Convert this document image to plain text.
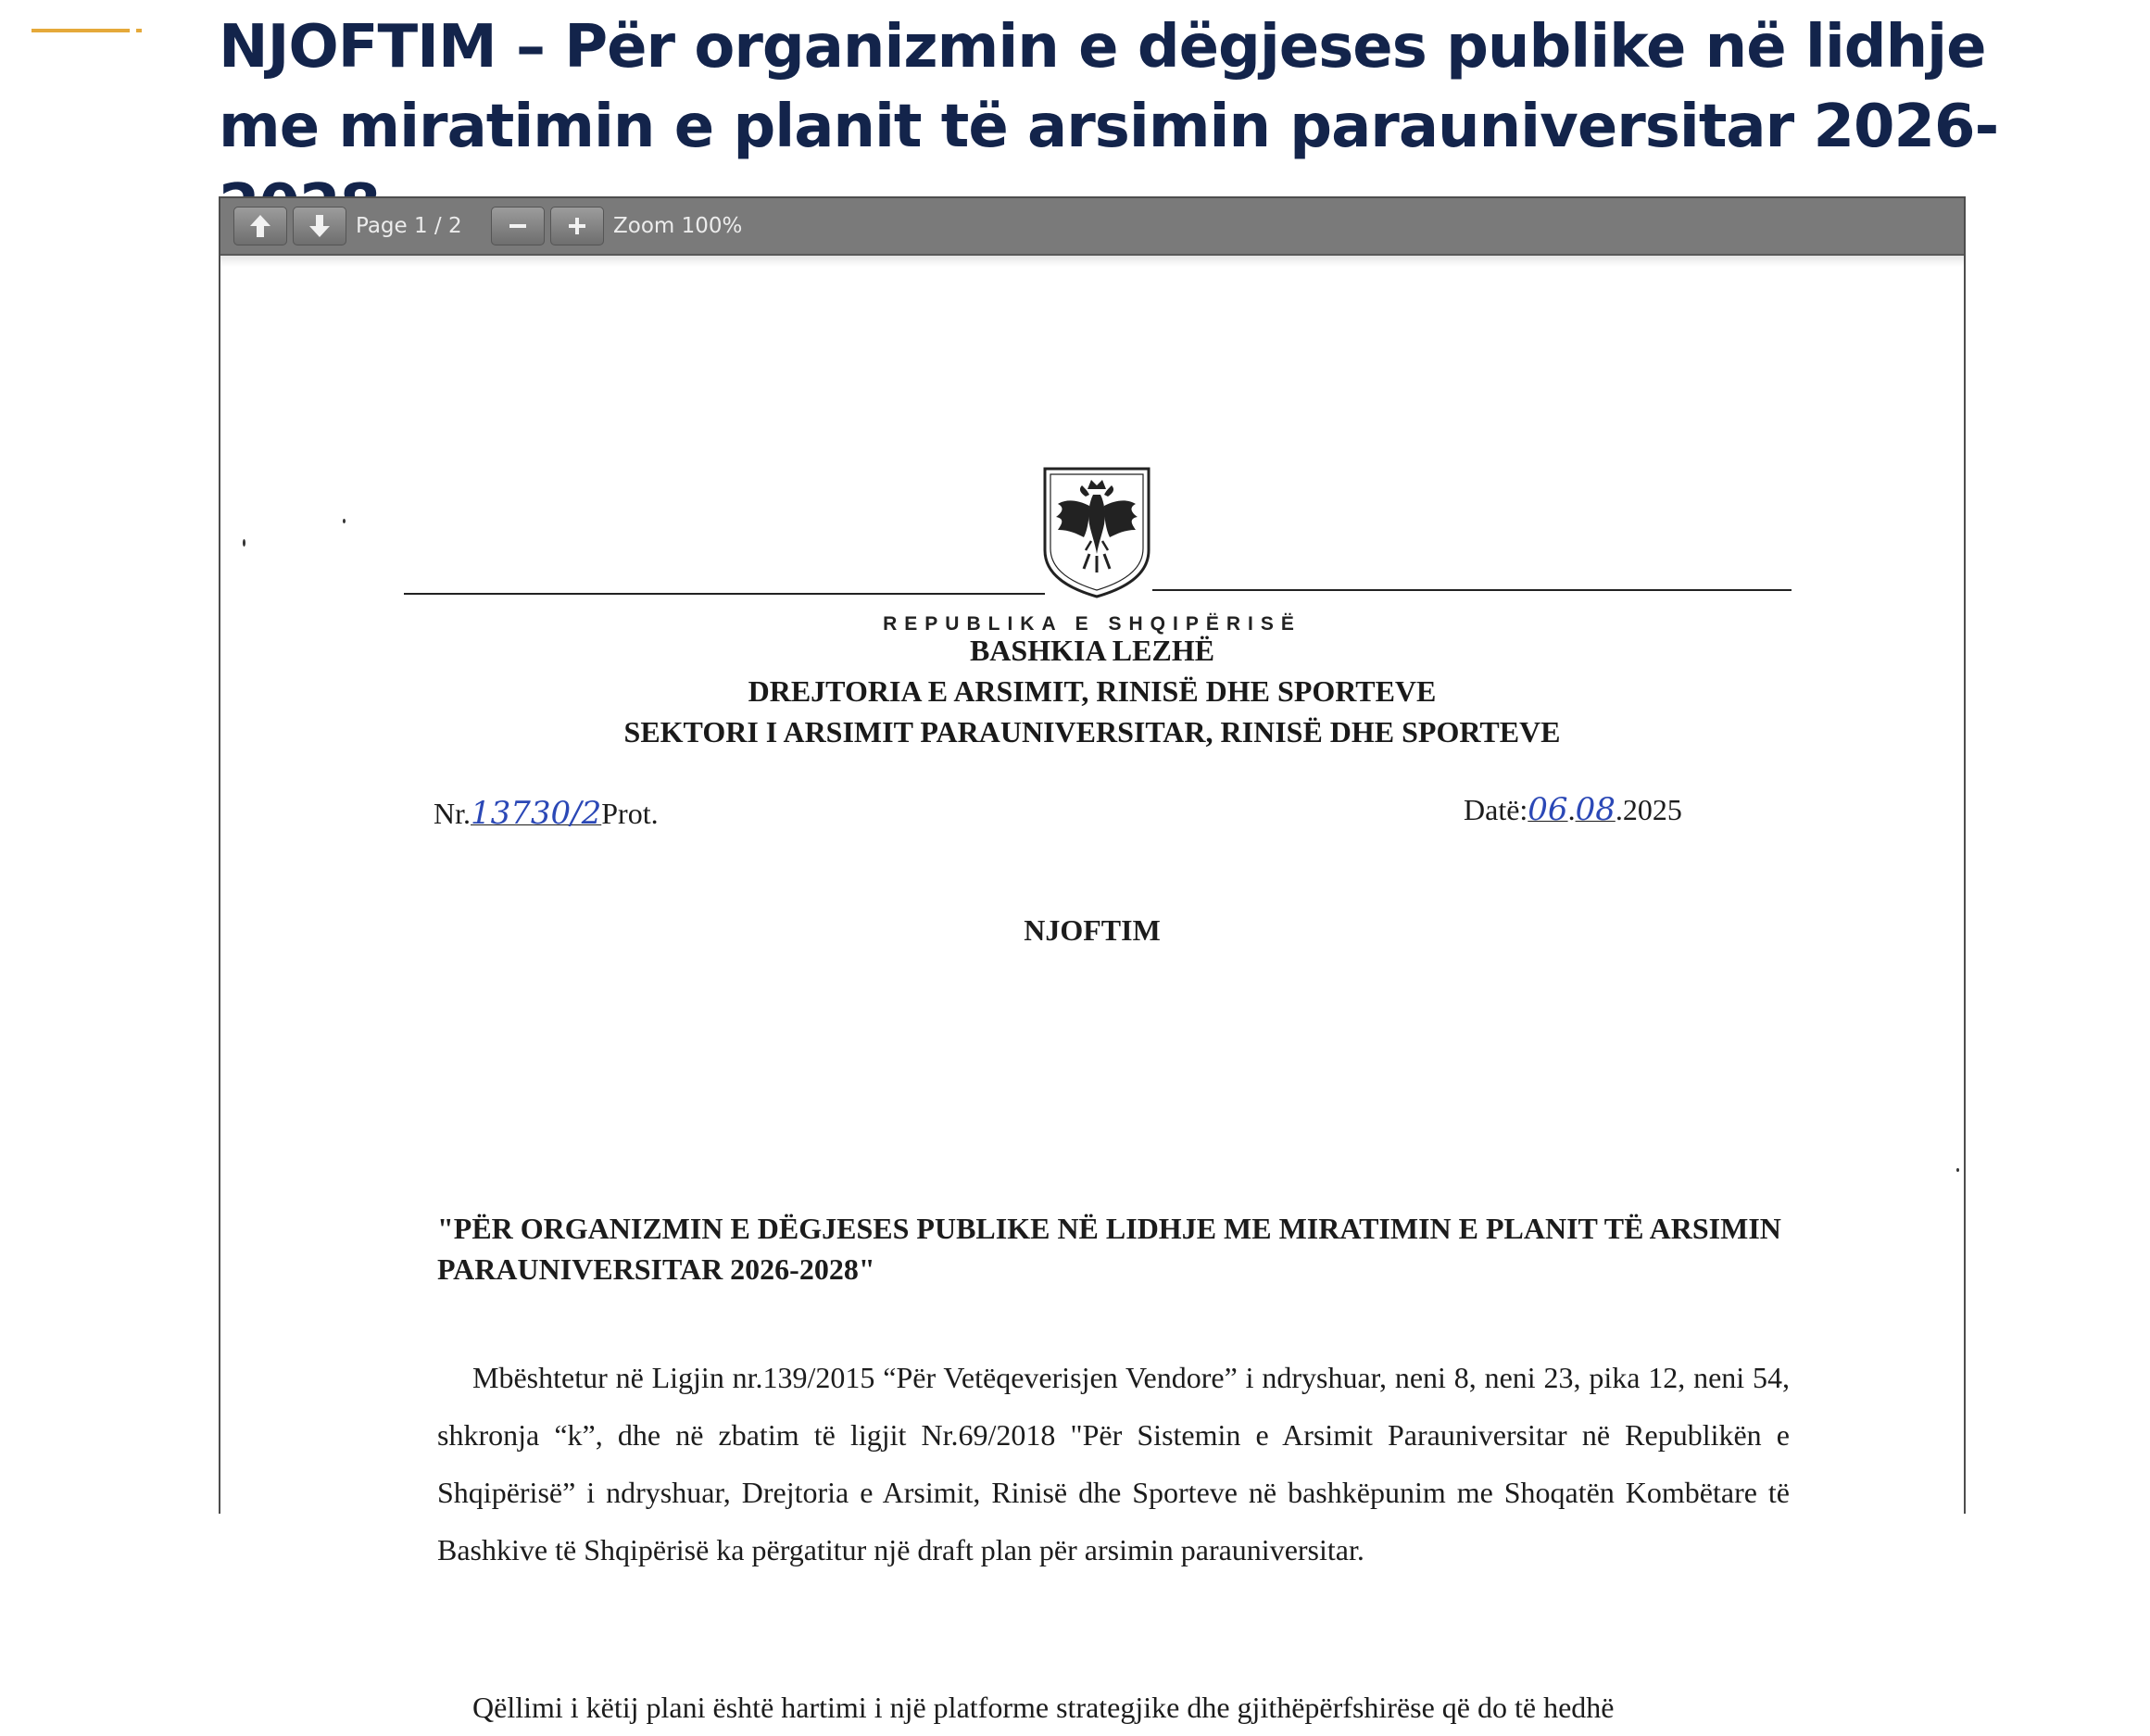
NJOFTIM – Për organizmin e dëgjeses publike në lidhje me miratimin e planit të arsimin parauniversitar 2026-
Page 1 / 2	Zoom 100%

REPUBLIKA E SHQIPËRISË

BASHKIA LEZHË

DREJTORIA E ARSIMIT, RINISË DHE SPORTEVE

SEKTORI I ARSIMIT PARAUNIVERSITAR, RINISË DHE SPORTEVE

Nr.13730/2Prot.	Datë:06.08.2025

NJOFTIM

"PËR ORGANIZMIN E DËGJESES PUBLIKE NË LIDHJE ME MIRATIMIN E PLANIT TË ARSIMIN PARAUNIVERSITAR 2026-2028"

Mbështetur në Ligjin nr.139/2015 “Për Vetëqeverisjen Vendore” i ndryshuar, neni 8, neni 23, pika 12, neni 54, shkronja “k”, dhe në zbatim të ligjit Nr.69/2018 "Për Sistemin e Arsimit Parauniversitar në Republikën e Shqipërisë” i ndryshuar, Drejtoria e Arsimit, Rinisë dhe Sporteve në bashkëpunim me Shoqatën Kombëtare të Bashkive të Shqipërisë ka përgatitur një draft plan për arsimin parauniversitar.

Qëllimi i këtij plani është hartimi i një platforme strategjike dhe gjithëpërfshirëse që do të hedhë
